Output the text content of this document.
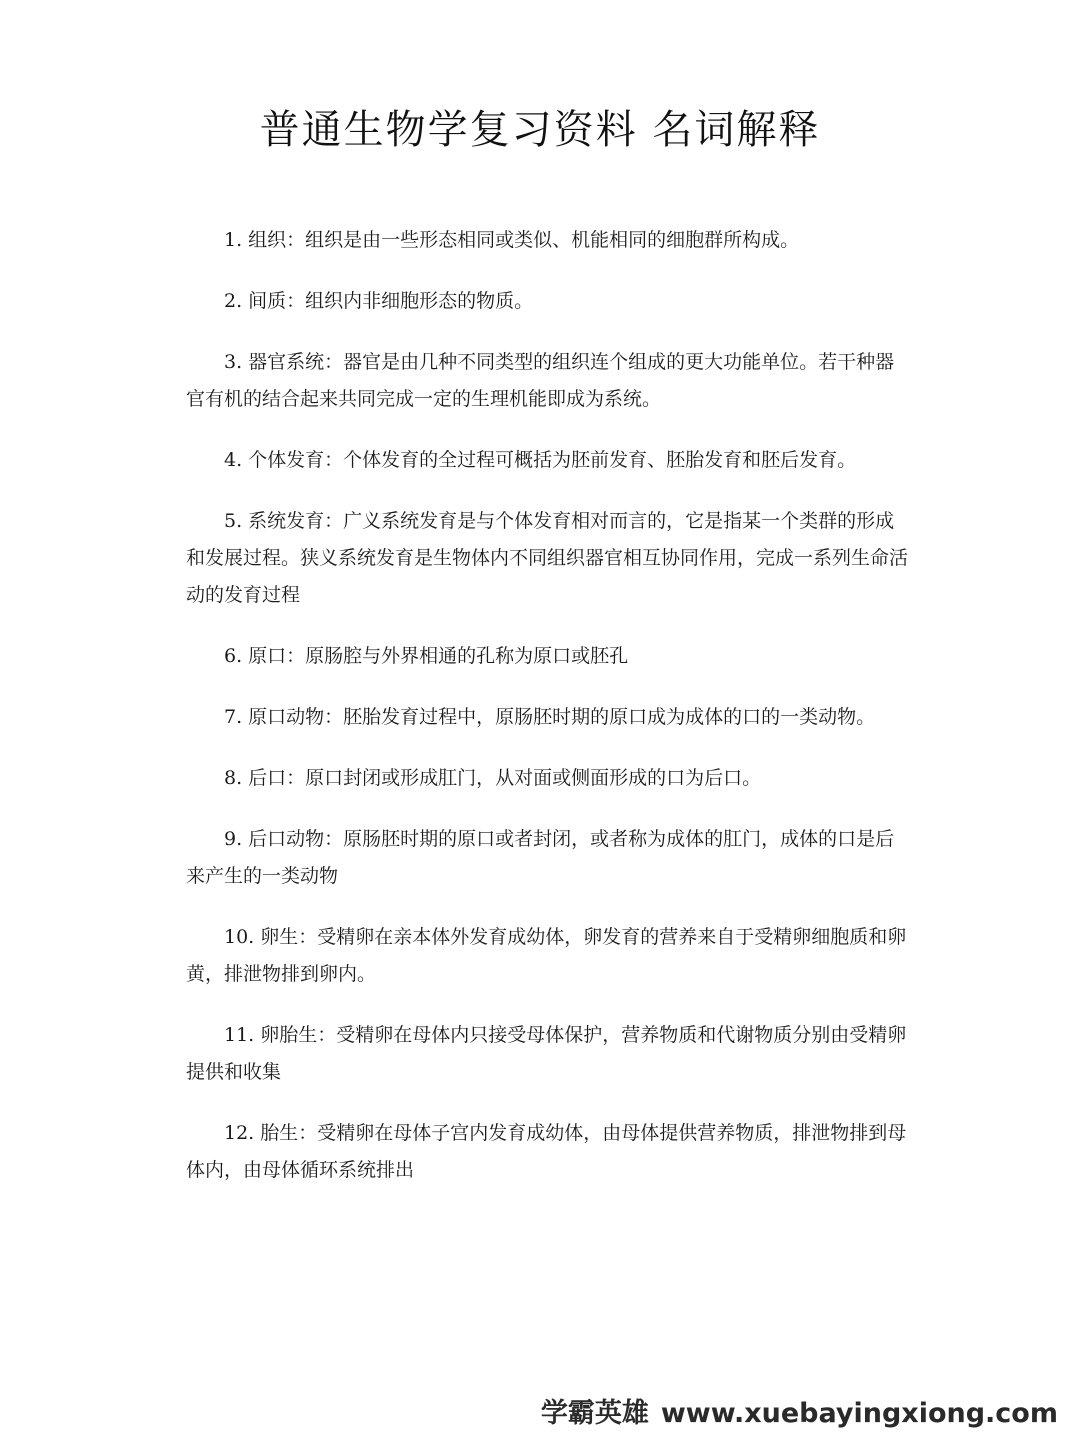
普通生物学复习资料 名词解释

1. 组织：组织是由一些形态相同或类似、机能相同的细胞群所构成。

2. 间质：组织内非细胞形态的物质。

3. 器官系统：器官是由几种不同类型的组织连个组成的更大功能单位。若干种器官有机的结合起来共同完成一定的生理机能即成为系统。

4. 个体发育：个体发育的全过程可概括为胚前发育、胚胎发育和胚后发育。

5. 系统发育：广义系统发育是与个体发育相对而言的，它是指某一个类群的形成和发展过程。狭义系统发育是生物体内不同组织器官相互协同作用，完成一系列生命活动的发育过程

6. 原口：原肠腔与外界相通的孔称为原口或胚孔

7. 原口动物：胚胎发育过程中，原肠胚时期的原口成为成体的口的一类动物。

8. 后口：原口封闭或形成肛门，从对面或侧面形成的口为后口。

9. 后口动物：原肠胚时期的原口或者封闭，或者称为成体的肛门，成体的口是后来产生的一类动物

10. 卵生：受精卵在亲本体外发育成幼体，卵发育的营养来自于受精卵细胞质和卵黄，排泄物排到卵内。

11. 卵胎生：受精卵在母体内只接受母体保护，营养物质和代谢物质分别由受精卵提供和收集

12. 胎生：受精卵在母体子宫内发育成幼体，由母体提供营养物质，排泄物排到母体内，由母体循环系统排出

学霸英雄 www.xuebayingxiong.com
